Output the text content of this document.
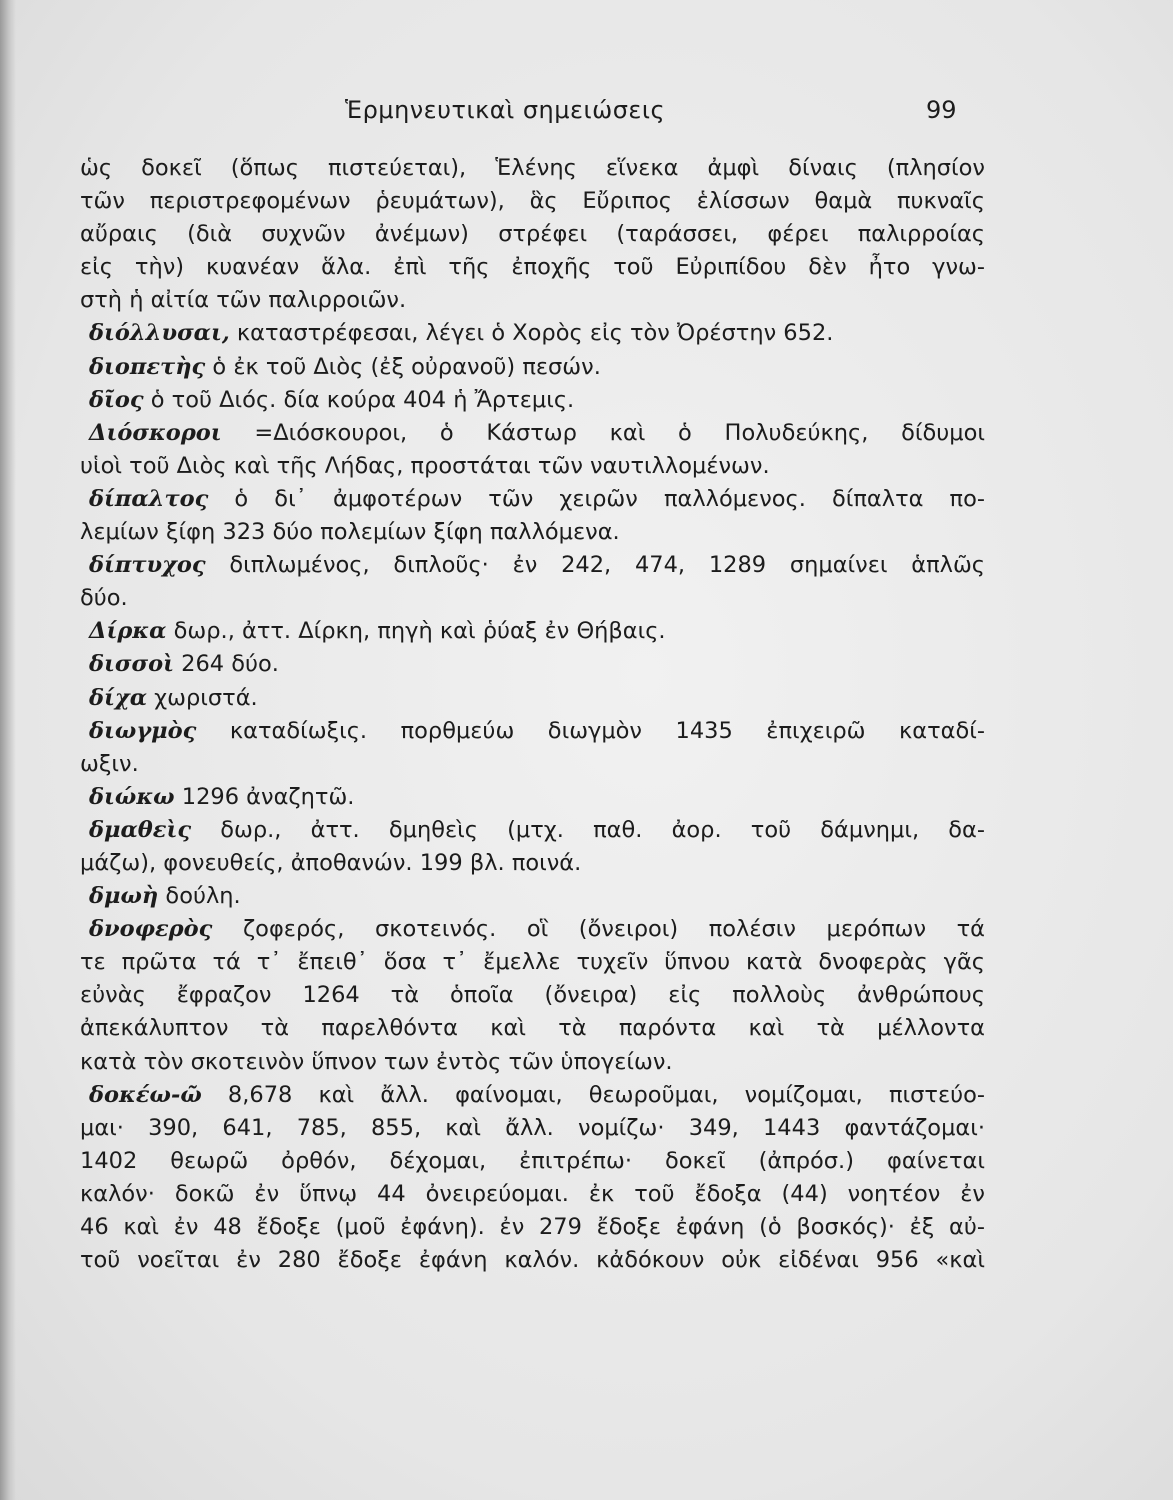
Ἑρμηνευτικαὶ σημειώσεις	99
ὡς δοκεῖ (ὅπως πιστεύεται), Ἑλένης εἵνεκα ἀμφὶ δίναις (πλησίον
τῶν περιστρεφομένων ῥευμάτων), ἃς Εὔριπος ἑλίσσων θαμὰ πυκναῖς
αὔραις (διὰ συχνῶν ἀνέμων) στρέφει (ταράσσει, φέρει παλιρροίας
εἰς τὴν) κυανέαν ἅλα. ἐπὶ τῆς ἐποχῆς τοῦ Εὐριπίδου δὲν ἦτο γνω-
στὴ ἡ αἰτία τῶν παλιρροιῶν.
διόλλυσαι, καταστρέφεσαι, λέγει ὁ Χορὸς εἰς τὸν Ὀρέστην 652.
διοπετὴς ὁ ἐκ τοῦ Διὸς (ἐξ οὐρανοῦ) πεσών.
δῖος ὁ τοῦ Διός. δία κούρα 404 ἡ Ἄρτεμις.
Διόσκοροι =Διόσκουροι, ὁ Κάστωρ καὶ ὁ Πολυδεύκης, δίδυμοι
υἱοὶ τοῦ Διὸς καὶ τῆς Λήδας, προστάται τῶν ναυτιλλομένων.
δίπαλτος ὁ δι᾽ ἀμφοτέρων τῶν χειρῶν παλλόμενος. δίπαλτα πο-
λεμίων ξίφη 323 δύο πολεμίων ξίφη παλλόμενα.
δίπτυχος διπλωμένος, διπλοῦς· ἐν 242, 474, 1289 σημαίνει ἁπλῶς
δύο.
Δίρκα δωρ., ἀττ. Δίρκη, πηγὴ καὶ ῥύαξ ἐν Θήβαις.
δισσοὶ 264 δύο.
δίχα χωριστά.
διωγμὸς καταδίωξις. πορθμεύω διωγμὸν 1435 ἐπιχειρῶ καταδί-
ωξιν.
διώκω 1296 ἀναζητῶ.
δμαθεὶς δωρ., ἀττ. δμηθεὶς (μτχ. παθ. ἀορ. τοῦ δάμνημι, δα-
μάζω), φονευθείς, ἀποθανών. 199 βλ. ποινά.
δμωὴ δούλη.
δνοφερὸς ζοφερός, σκοτεινός. οἳ (ὄνειροι) πολέσιν μερόπων τά
τε πρῶτα τά τ᾽ ἔπειθ᾽ ὅσα τ᾽ ἔμελλε τυχεῖν ὕπνου κατὰ δνοφερὰς γᾶς
εὐνὰς ἔφραζον 1264 τὰ ὁποῖα (ὄνειρα) εἰς πολλοὺς ἀνθρώπους
ἀπεκάλυπτον τὰ παρελθόντα καὶ τὰ παρόντα καὶ τὰ μέλλοντα
κατὰ τὸν σκοτεινὸν ὕπνον των ἐντὸς τῶν ὑπογείων.
δοκέω-ῶ 8,678 καὶ ἄλλ. φαίνομαι, θεωροῦμαι, νομίζομαι, πιστεύο-
μαι· 390, 641, 785, 855, καὶ ἄλλ. νομίζω· 349, 1443 φαντάζομαι·
1402 θεωρῶ ὀρθόν, δέχομαι, ἐπιτρέπω· δοκεῖ (ἀπρόσ.) φαίνεται
καλόν· δοκῶ ἐν ὕπνῳ 44 ὀνειρεύομαι. ἐκ τοῦ ἔδοξα (44) νοητέον ἐν
46 καὶ ἐν 48 ἔδοξε (μοῦ ἐφάνη). ἐν 279 ἔδοξε ἐφάνη (ὁ βοσκός)· ἐξ αὐ-
τοῦ νοεῖται ἐν 280 ἔδοξε ἐφάνη καλόν. κἀδόκουν οὐκ εἰδέναι 956 «καὶ
